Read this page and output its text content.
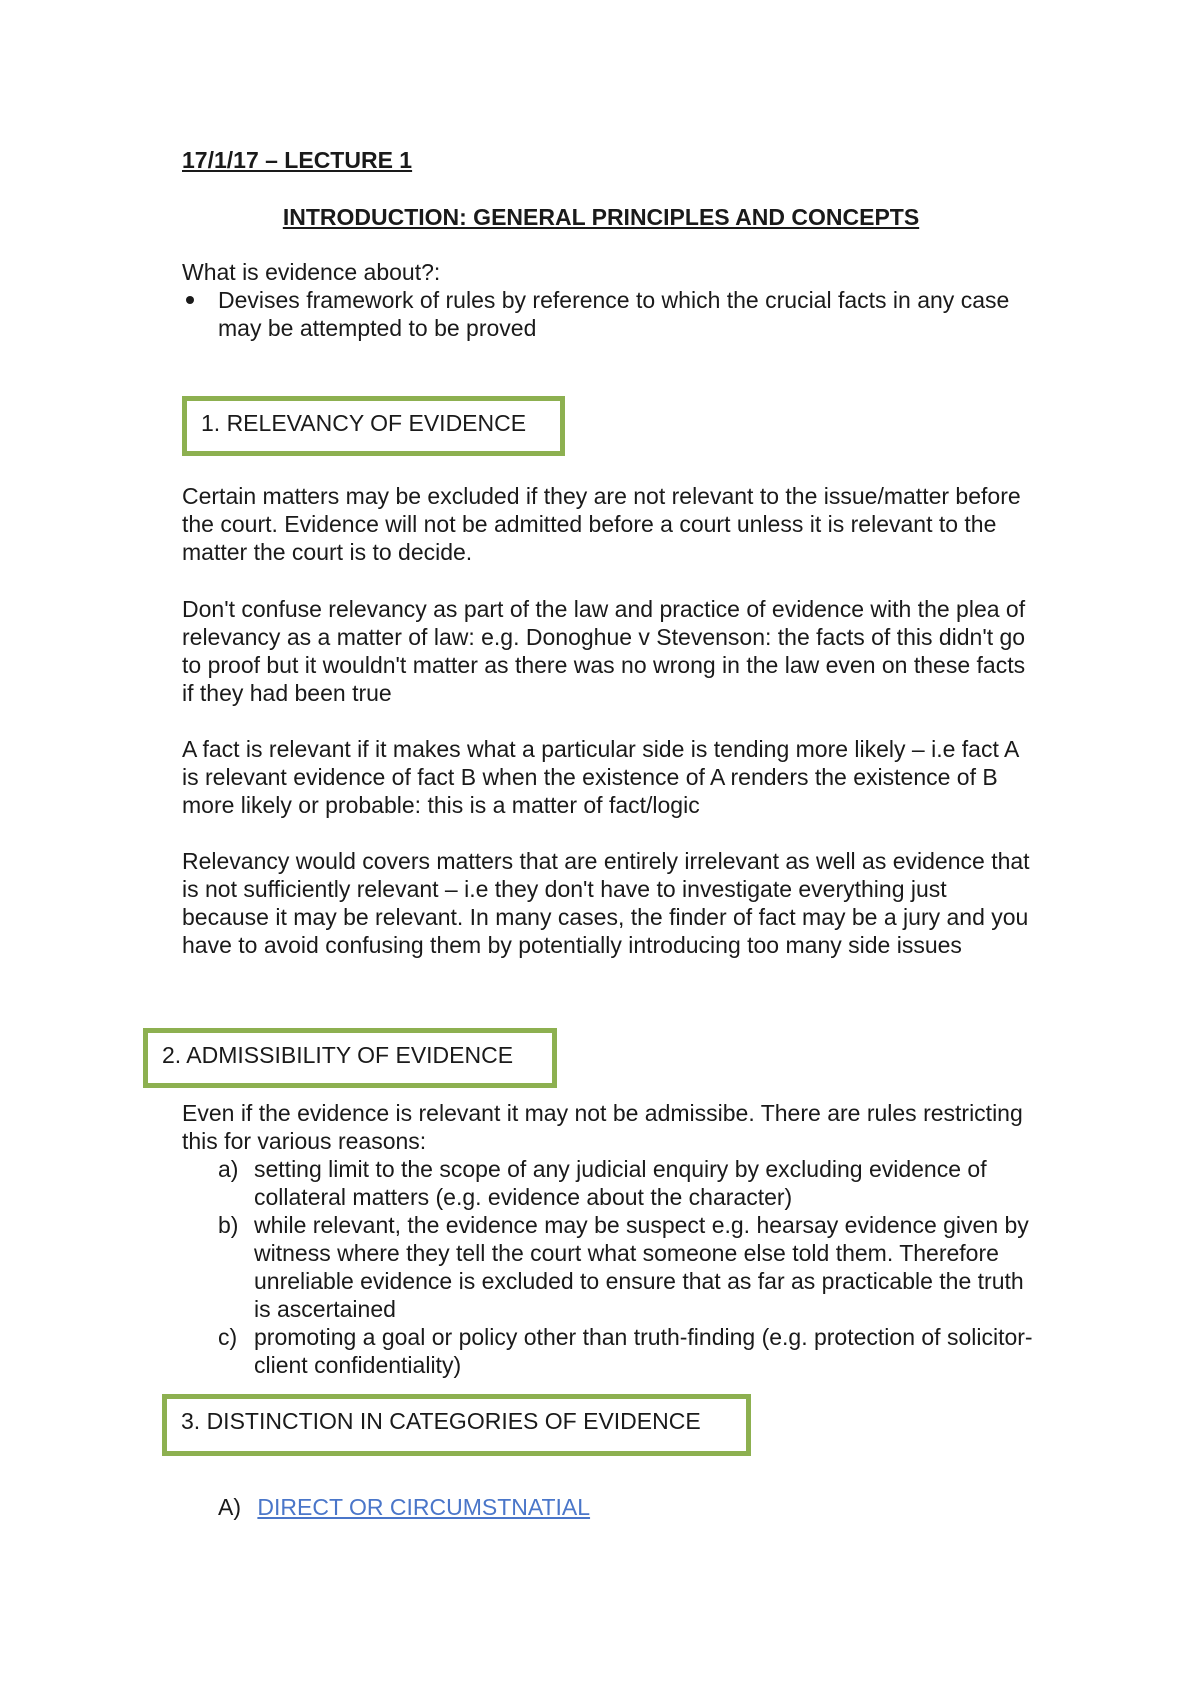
17/1/17 – LECTURE 1

INTRODUCTION: GENERAL PRINCIPLES AND CONCEPTS

What is evidence about?:

Devises framework of rules by reference to which the crucial facts in any case may be attempted to be proved
1. RELEVANCY OF EVIDENCE

Certain matters may be excluded if they are not relevant to the issue/matter before the court. Evidence will not be admitted before a court unless it is relevant to the matter the court is to decide.

Don't confuse relevancy as part of the law and practice of evidence with the plea of relevancy as a matter of law: e.g. Donoghue v Stevenson: the facts of this didn't go to proof but it wouldn't matter as there was no wrong in the law even on these facts if they had been true

A fact is relevant if it makes what a particular side is tending more likely – i.e fact A is relevant evidence of fact B when the existence of A renders the existence of B more likely or probable: this is a matter of fact/logic

Relevancy would covers matters that are entirely irrelevant as well as evidence that is not sufficiently relevant – i.e they don't have to investigate everything just because it may be relevant. In many cases, the finder of fact may be a jury and you have to avoid confusing them by potentially introducing too many side issues

2. ADMISSIBILITY OF EVIDENCE

Even if the evidence is relevant it may not be admissibe. There are rules restricting this for various reasons:

a) setting limit to the scope of any judicial enquiry by excluding evidence of collateral matters (e.g. evidence about the character)
b) while relevant, the evidence may be suspect e.g. hearsay evidence given by witness where they tell the court what someone else told them. Therefore unreliable evidence is excluded to ensure that as far as practicable the truth is ascertained
c) promoting a goal or policy other than truth-finding (e.g. protection of solicitor-client confidentiality)
3. DISTINCTION IN CATEGORIES OF EVIDENCE

A) DIRECT OR CIRCUMSTNATIAL
